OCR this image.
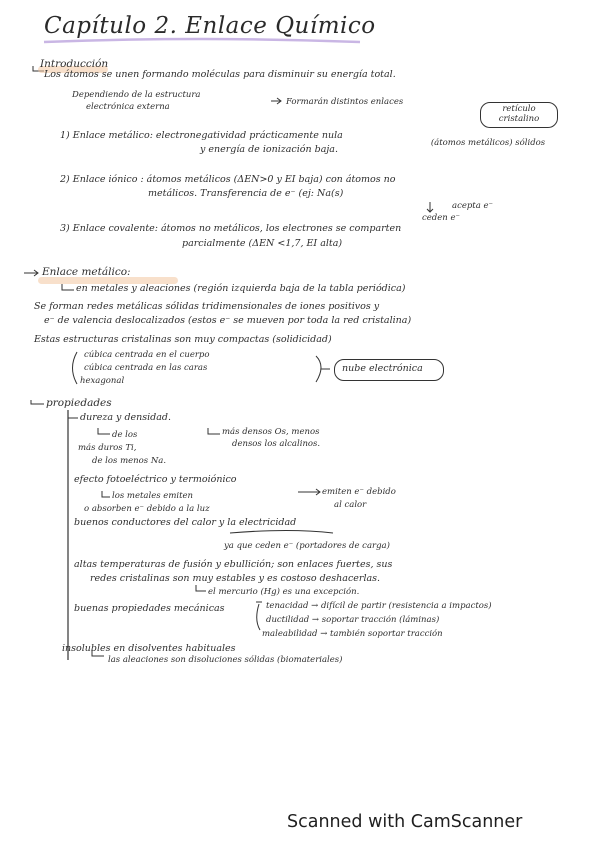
Capítulo 2. Enlace Químico
Introducción
Los átomos se unen formando moléculas para disminuir su energía total.
Dependiendo de la estructura
electrónica externa	Formarán distintos enlaces
retículo cristalino
1) Enlace metálico: electronegatividad prácticamente nula
y energía de ionización baja.
(átomos metálicos) sólidos
2) Enlace iónico : átomos metálicos (ΔEN>0 y EI baja) con átomos no
metálicos. Transferencia de e⁻ (ej: Na(s)
acepta e⁻
ceden e⁻
3) Enlace covalente: átomos no metálicos, los electrones se comparten
parcialmente (ΔEN <1,7, EI alta)
Enlace metálico:
en metales y aleaciones (región izquierda baja de la tabla periódica)
Se forman redes metálicas sólidas tridimensionales de iones positivos y
e⁻ de valencia deslocalizados (estos e⁻ se mueven por toda la red cristalina)
Estas estructuras cristalinas son muy compactas (solidicidad)
cúbica centrada en el cuerpo
cúbica centrada en las caras
hexagonal
nube electrónica
propiedades
dureza y densidad.
de los	más densos Os, menos
más duros Ti,	densos los alcalinos.
de los menos Na.
efecto fotoeléctrico y termoiónico
los metales emiten	emiten e⁻ debido
o absorben e⁻ debido a la luz	al calor
buenos conductores del calor y la electricidad
ya que ceden e⁻ (portadores de carga)
altas temperaturas de fusión y ebullición; son enlaces fuertes, sus
redes cristalinas son muy estables y es costoso deshacerlas.
el mercurio (Hg) es una excepción.
buenas propiedades mecánicas	tenacidad → difícil de partir (resistencia a impactos)
ductilidad → soportar tracción (láminas)
maleabilidad → también soportar tracción
insolubles en disolventes habituales
las aleaciones son disoluciones sólidas (biomateriales)
Scanned with CamScanner
